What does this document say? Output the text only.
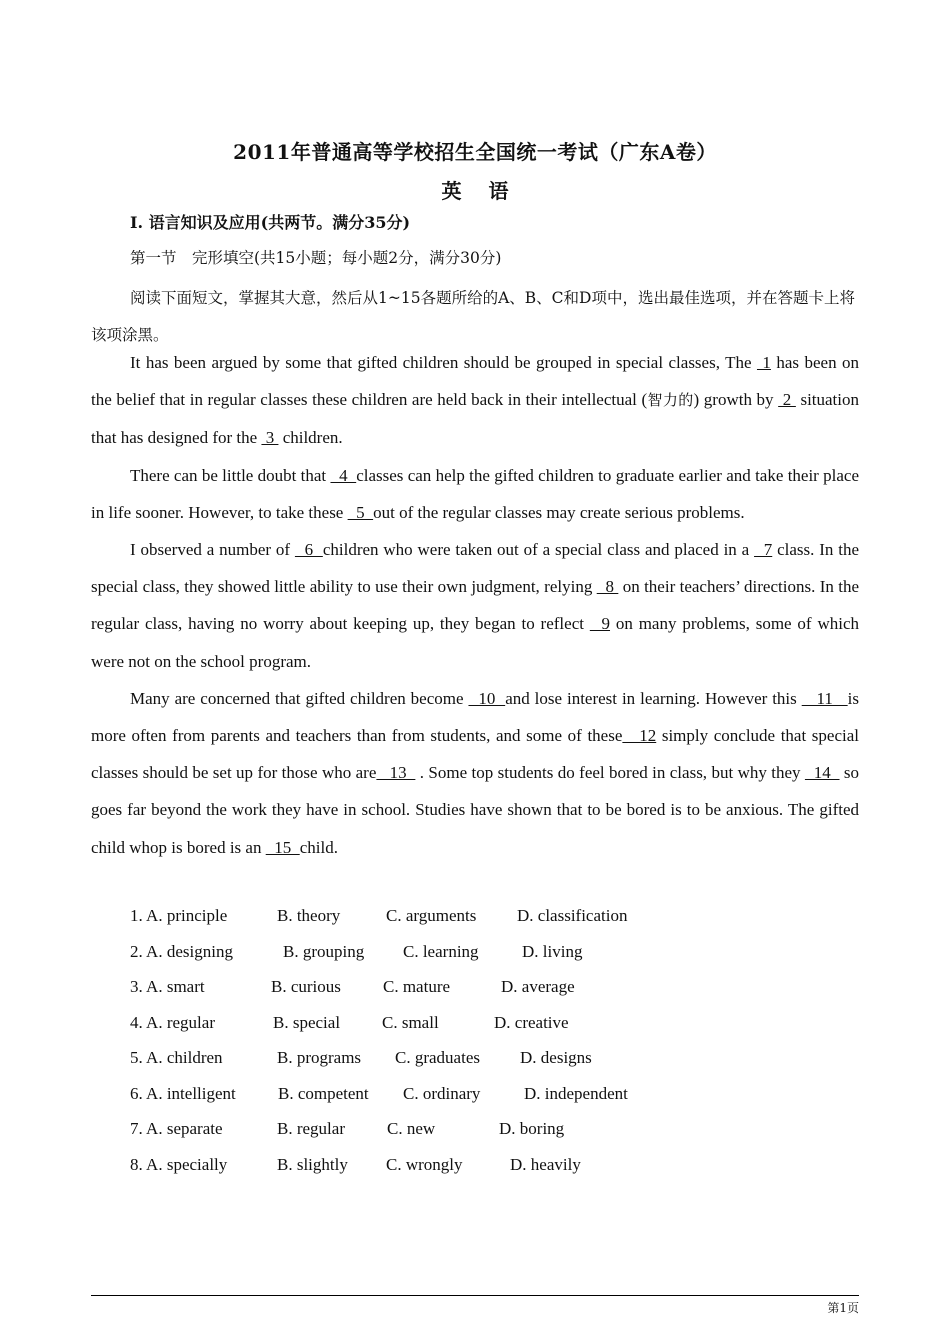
2011年普通高等学校招生全国统一考试（广东A卷）
英　 语
Ⅰ. 语言知识及应用(共两节。满分35分)
第一节　完形填空(共15小题；每小题2分，满分30分)
阅读下面短文，掌握其大意，然后从1~15各题所给的A、B、C和D项中，选出最佳选项，并在答题卡上将该项涂黑。

It has been argued by some that gifted children should be grouped in special classes, The  1 has been on the belief that in regular classes these children are held back in their intellectual (智力的) growth by  2  situation that has designed for the  3  children.

There can be little doubt that   4  classes can help the gifted children to graduate earlier and take their place in life sooner. However, to take these   5  out of the regular classes may create serious problems.

I observed a number of   6  children who were taken out of a special class and placed in a   7 class. In the special class, they showed little ability to use their own judgment, relying   8  on their teachers’ directions. In the regular class, having no worry about keeping up, they began to reflect   9 on many problems, some of which were not on the school program.

Many are concerned that gifted children become   10  and lose interest in learning. However this    11   is more often from parents and teachers than from students, and some of these   12 simply conclude that special classes should be set up for those who are   13   . Some top students do feel bored in class, but why they   14   so goes far beyond the work they have in school. Studies have shown that to be bored is to be anxious. The gifted child whop is bored is an   15  child.

1. A. principle	B. theory	C. arguments D. classification
2. A. designing	B. grouping C. learning	D. living
3. A. smart	B. curious C. mature	D. average
4. A. regular	B. special C. small	D. creative
5. A. children	B. programs C. graduates D. designs
6. A. intelligent B. competent C. ordinary	D. independent
7. A. separate	B. regular C. new	D. boring
8. A. specially	B. slightly C. wrongly	D. heavily
第1页
